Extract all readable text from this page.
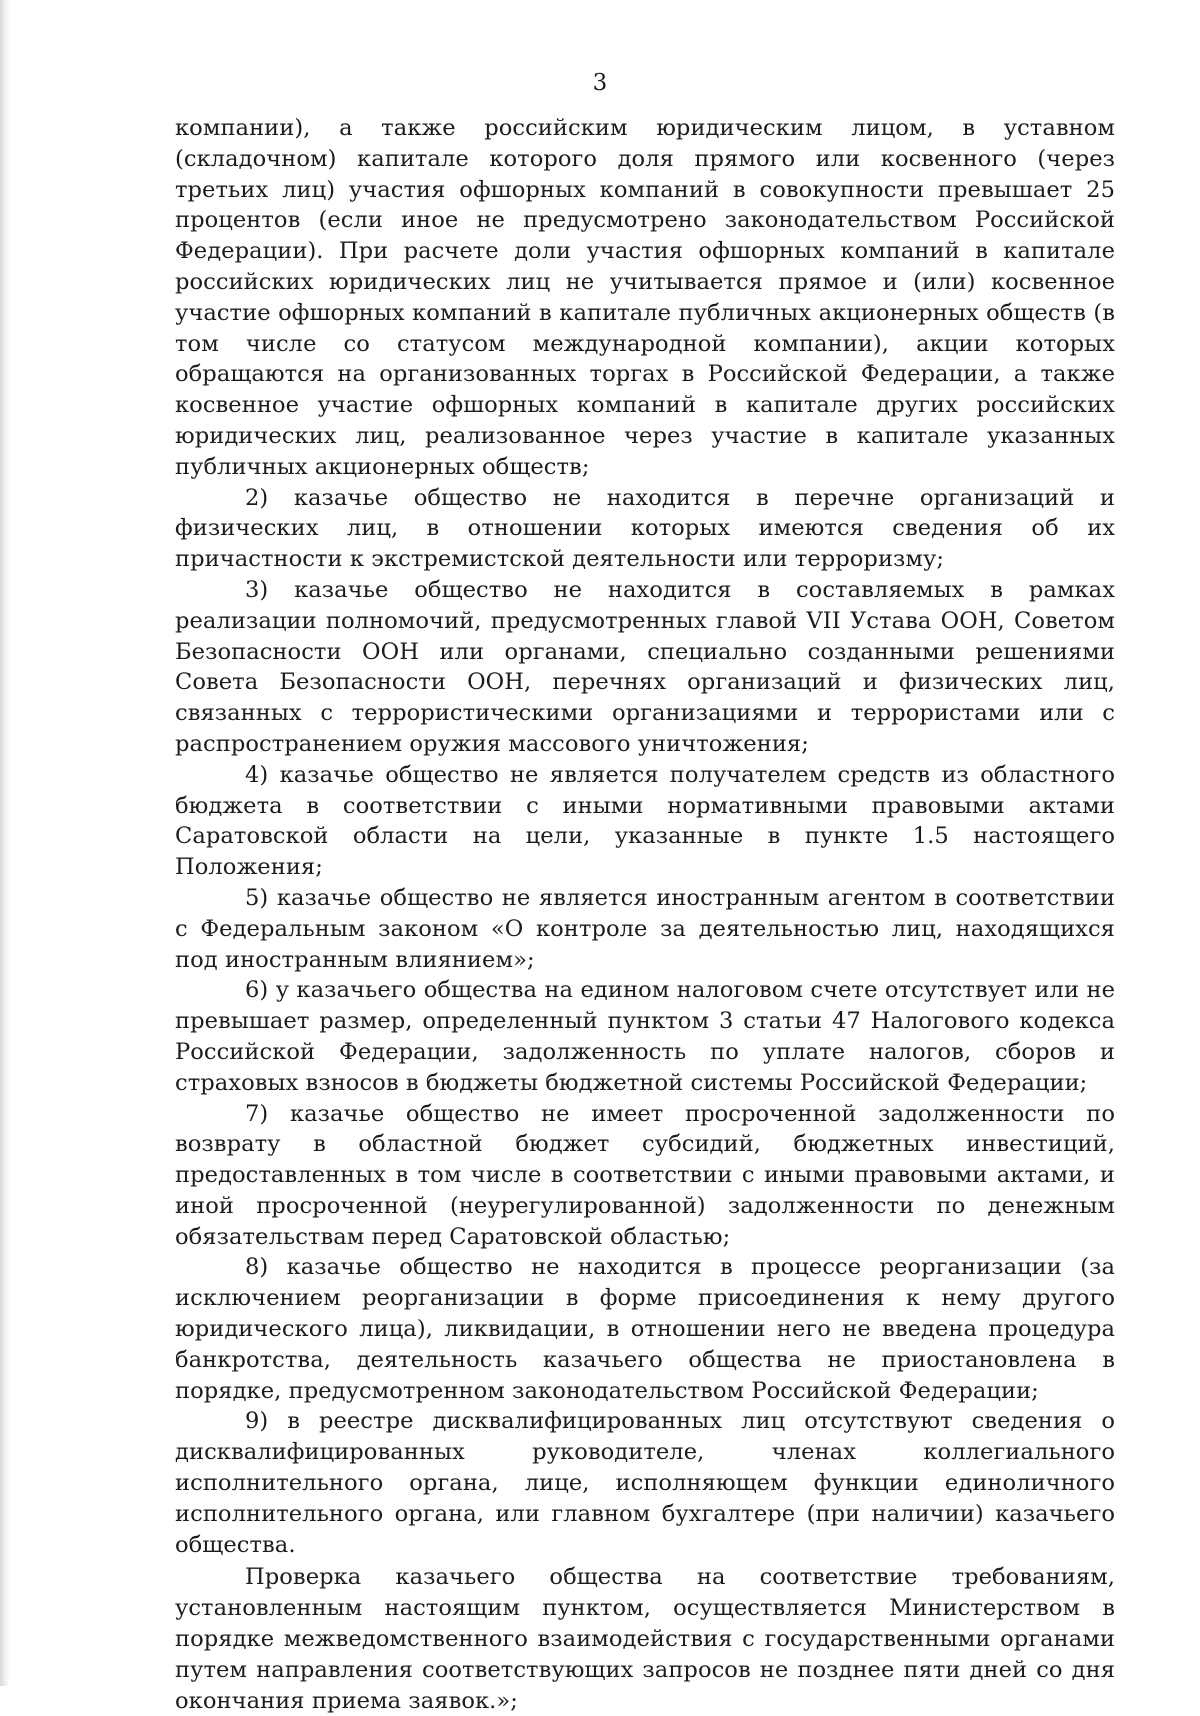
3

компании), а также российским юридическим лицом, в уставном (складочном) капитале которого доля прямого или косвенного (через третьих лиц) участия офшорных компаний в совокупности превышает 25 процентов (если иное не предусмотрено законодательством Российской Федерации). При расчете доли участия офшорных компаний в капитале российских юридических лиц не учитывается прямое и (или) косвенное участие офшорных компаний в капитале публичных акционерных обществ (в том числе со статусом международной компании), акции которых обращаются на организованных торгах в Российской Федерации, а также косвенное участие офшорных компаний в капитале других российских юридических лиц, реализованное через участие в капитале указанных публичных акционерных обществ;

2) казачье общество не находится в перечне организаций и физических лиц, в отношении которых имеются сведения об их причастности к экстремистской деятельности или терроризму;

3) казачье общество не находится в составляемых в рамках реализации полномочий, предусмотренных главой VII Устава ООН, Советом Безопасности ООН или органами, специально созданными решениями Совета Безопасности ООН, перечнях организаций и физических лиц, связанных с террористическими организациями и террористами или с распространением оружия массового уничтожения;

4) казачье общество не является получателем средств из областного бюджета в соответствии с иными нормативными правовыми актами Саратовской области на цели, указанные в пункте 1.5 настоящего Положения;

5) казачье общество не является иностранным агентом в соответствии с Федеральным законом «О контроле за деятельностью лиц, находящихся под иностранным влиянием»;

6) у казачьего общества на едином налоговом счете отсутствует или не превышает размер, определенный пунктом 3 статьи 47 Налогового кодекса Российской Федерации, задолженность по уплате налогов, сборов и страховых взносов в бюджеты бюджетной системы Российской Федерации;

7) казачье общество не имеет просроченной задолженности по возврату в областной бюджет субсидий, бюджетных инвестиций, предоставленных в том числе в соответствии с иными правовыми актами, и иной просроченной (неурегулированной) задолженности по денежным обязательствам перед Саратовской областью;

8) казачье общество не находится в процессе реорганизации (за исключением реорганизации в форме присоединения к нему другого юридического лица), ликвидации, в отношении него не введена процедура банкротства, деятельность казачьего общества не приостановлена в порядке, предусмотренном законодательством Российской Федерации;

9) в реестре дисквалифицированных лиц отсутствуют сведения о дисквалифицированных руководителе, членах коллегиального исполнительного органа, лице, исполняющем функции единоличного исполнительного органа, или главном бухгалтере (при наличии) казачьего общества.

Проверка казачьего общества на соответствие требованиям, установленным настоящим пунктом, осуществляется Министерством в порядке межведомственного взаимодействия с государственными органами путем направления соответствующих запросов не позднее пяти дней со дня окончания приема заявок.»;
